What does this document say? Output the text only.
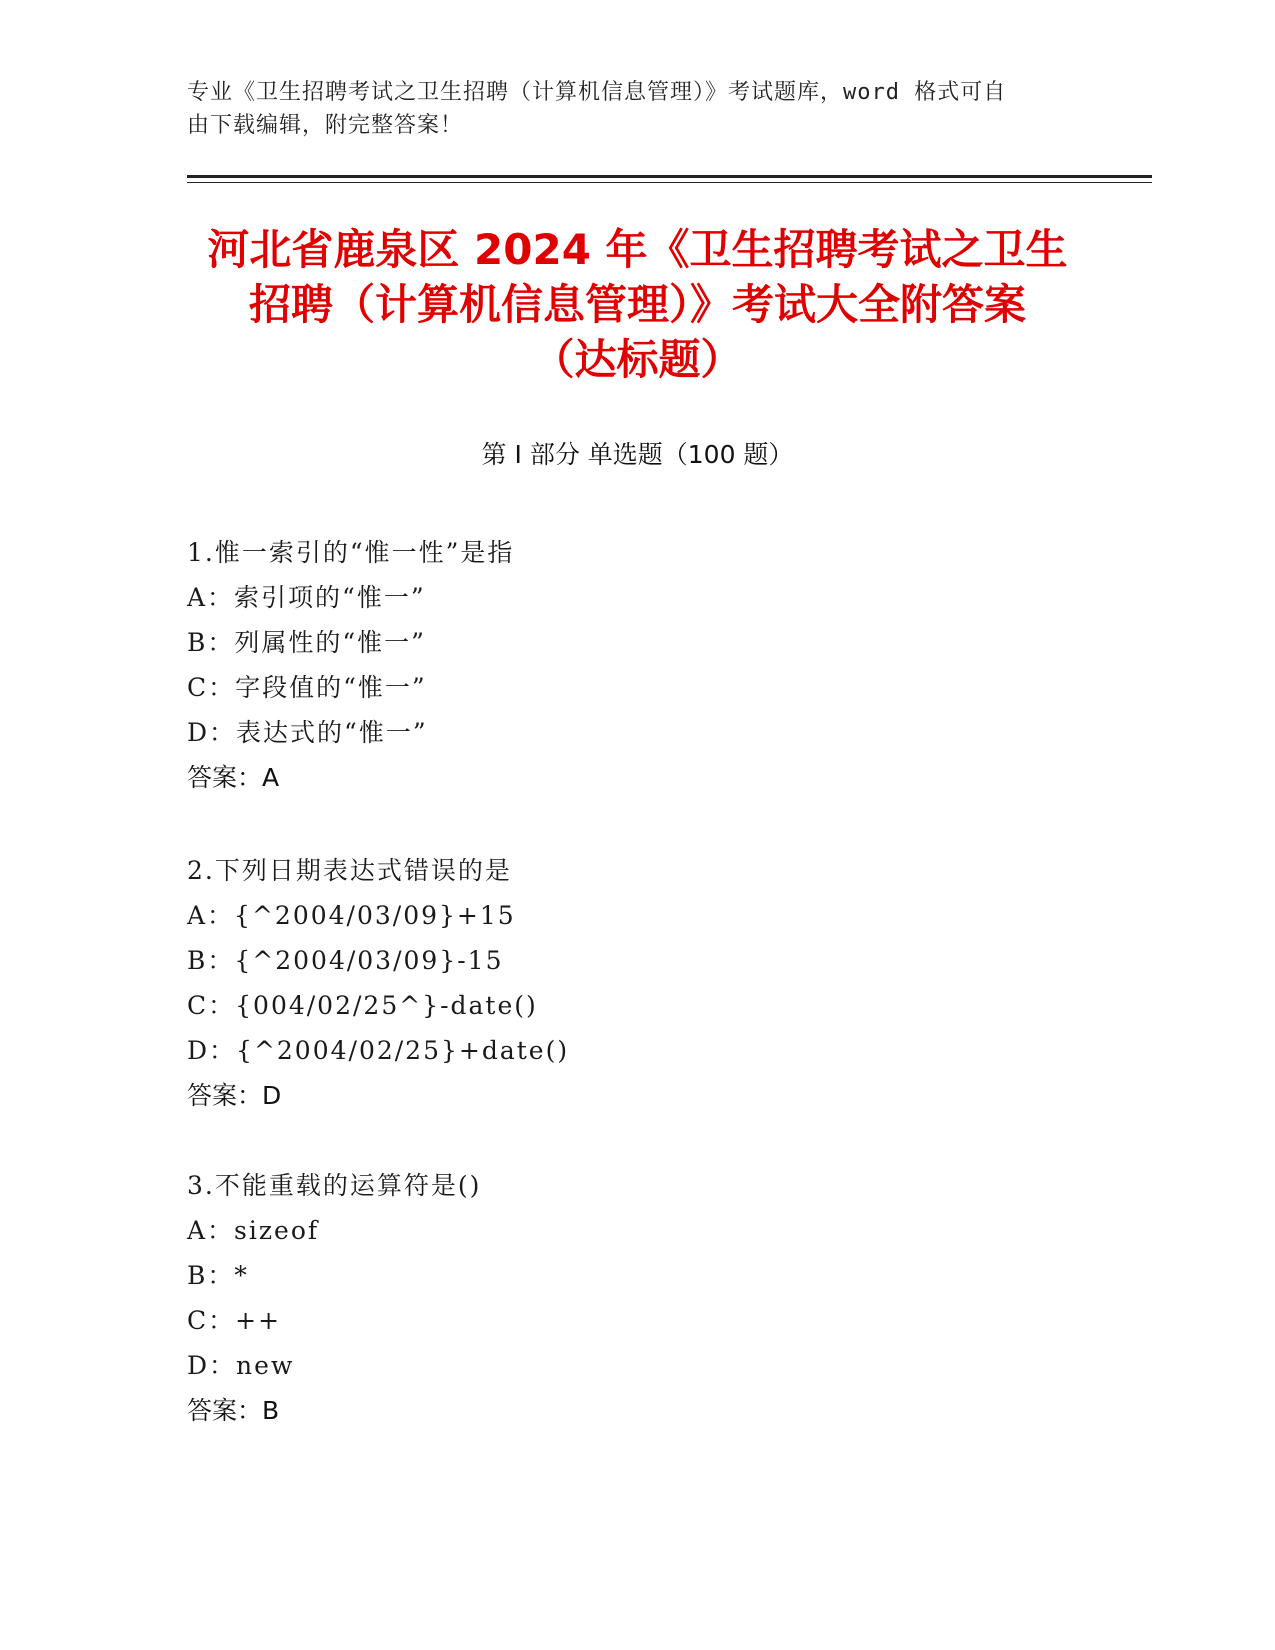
专业《卫生招聘考试之卫生招聘（计算机信息管理）》考试题库，word 格式可自
由下载编辑，附完整答案！
河北省鹿泉区 2024 年《卫生招聘考试之卫生
招聘（计算机信息管理）》考试大全附答案
（达标题）
第 I 部分 单选题（100 题）
1.惟一索引的“惟一性”是指
A：索引项的“惟一”
B：列属性的“惟一”
C：字段值的“惟一”
D：表达式的“惟一”
答案：A
2.下列日期表达式错误的是
A：{^2004/03/09}+15
B：{^2004/03/09}-15
C：{004/02/25^}-date()
D：{^2004/02/25}+date()
答案：D
3.不能重载的运算符是()
A：sizeof
B：*
C：++
D：new
答案：B
